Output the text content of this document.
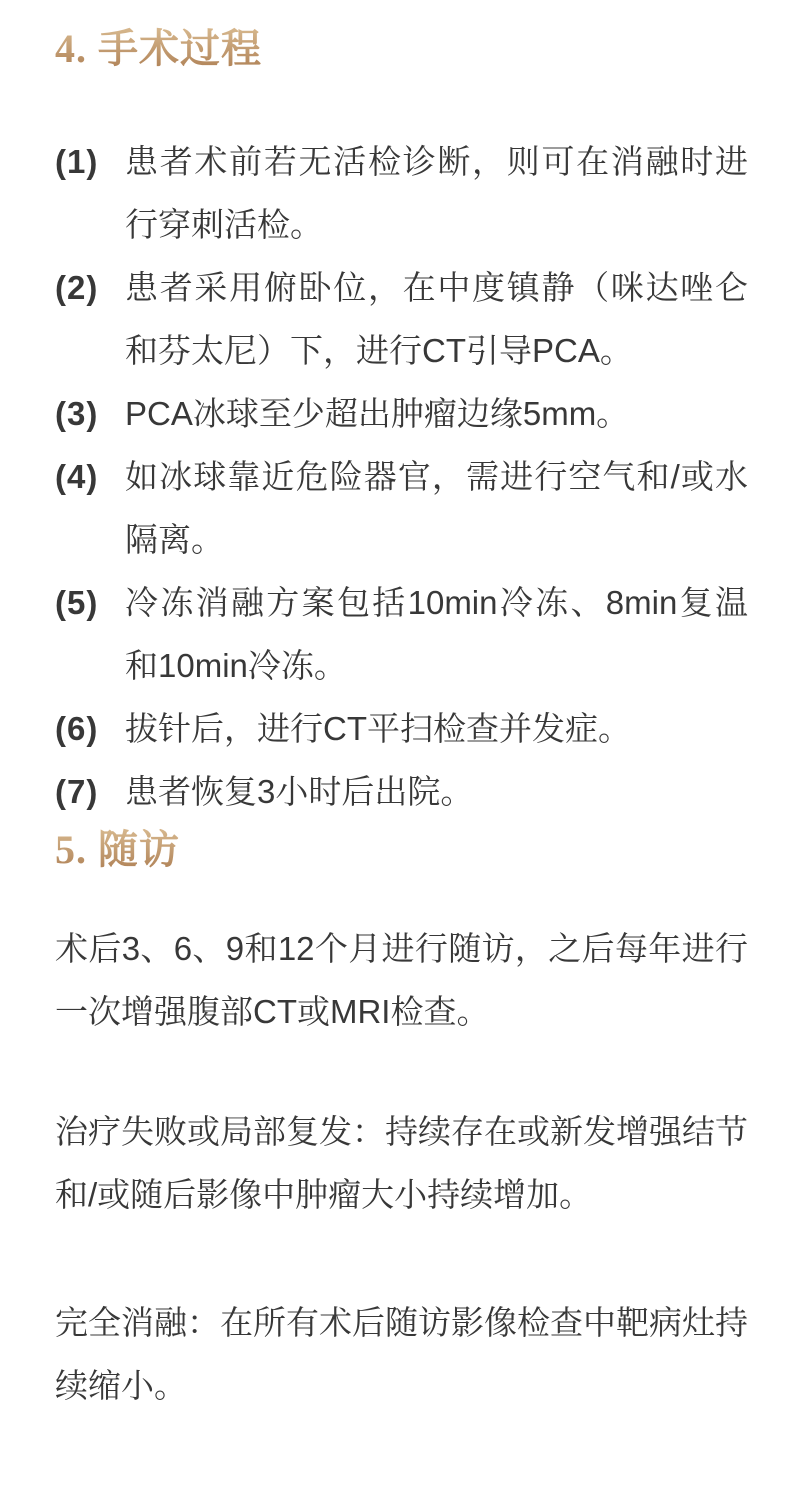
4. 手术过程
(1) 患者术前若无活检诊断，则可在消融时进行穿刺活检。
(2) 患者采用俯卧位，在中度镇静（咪达唑仑和芬太尼）下，进行CT引导PCA。
(3) PCA冰球至少超出肿瘤边缘5mm。
(4) 如冰球靠近危险器官，需进行空气和/或水隔离。
(5) 冷冻消融方案包括10min冷冻、8min复温和10min冷冻。
(6) 拔针后，进行CT平扫检查并发症。
(7) 患者恢复3小时后出院。
5. 随访

术后3、6、9和12个月进行随访，之后每年进行一次增强腹部CT或MRI检查。

治疗失败或局部复发：持续存在或新发增强结节和/或随后影像中肿瘤大小持续增加。

完全消融：在所有术后随访影像检查中靶病灶持续缩小。
